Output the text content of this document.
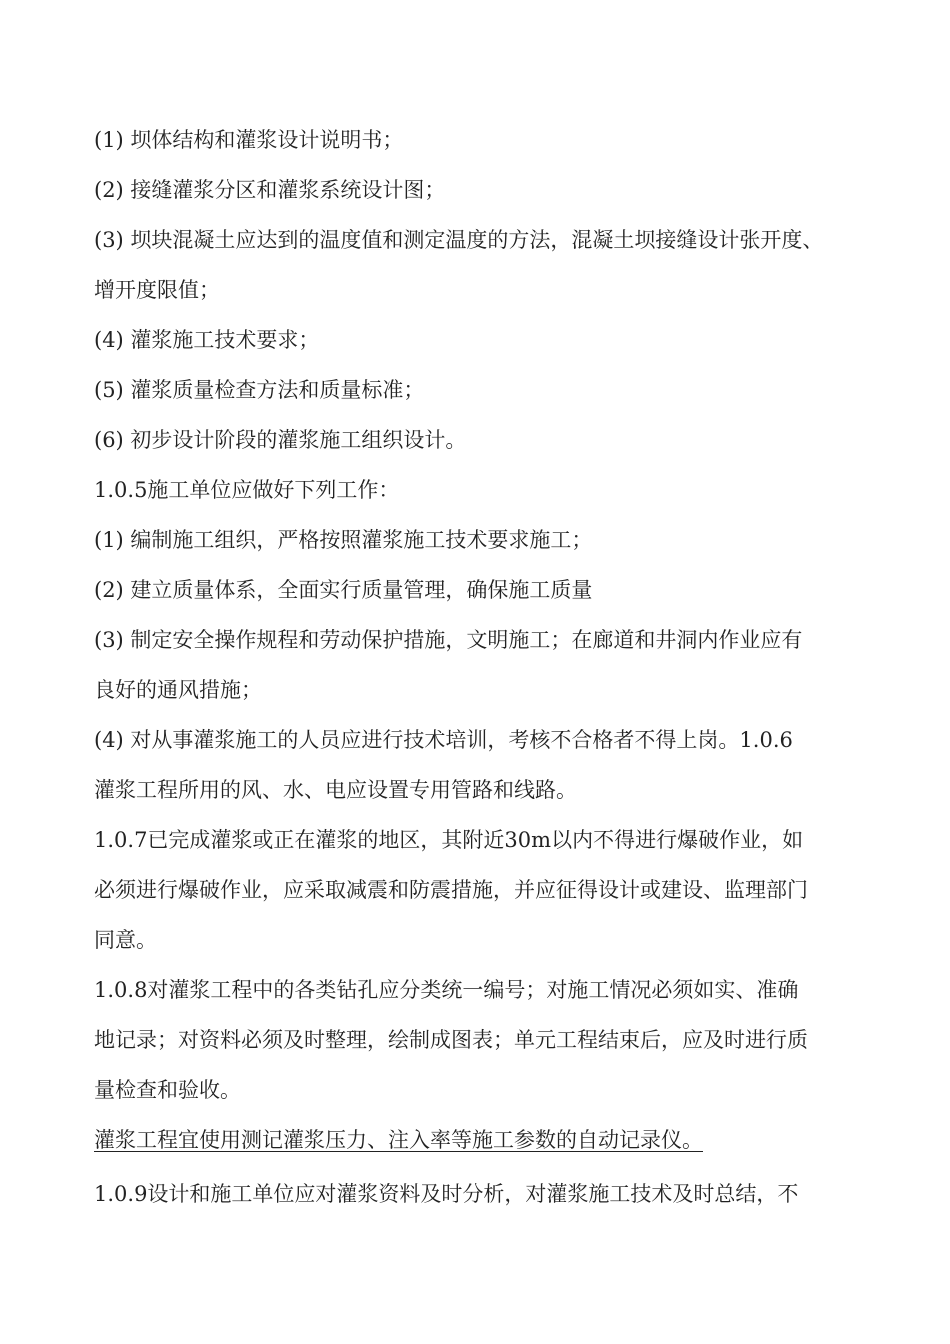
(1) 坝体结构和灌浆设计说明书；
(2) 接缝灌浆分区和灌浆系统设计图；
(3) 坝块混凝土应达到的温度值和测定温度的方法，混凝土坝接缝设计张开度、
增开度限值；
(4) 灌浆施工技术要求；
(5) 灌浆质量检查方法和质量标准；
(6) 初步设计阶段的灌浆施工组织设计。
1.0.5施工单位应做好下列工作：
(1) 编制施工组织，严格按照灌浆施工技术要求施工；
(2) 建立质量体系，全面实行质量管理，确保施工质量
(3) 制定安全操作规程和劳动保护措施，文明施工；在廊道和井洞内作业应有
良好的通风措施；
(4) 对从事灌浆施工的人员应进行技术培训，考核不合格者不得上岗。1.0.6
灌浆工程所用的风、水、电应设置专用管路和线路。
1.0.7已完成灌浆或正在灌浆的地区，其附近30m以内不得进行爆破作业，如
必须进行爆破作业，应采取减震和防震措施，并应征得设计或建设、监理部门
同意。
1.0.8对灌浆工程中的各类钻孔应分类统一编号；对施工情况必须如实、准确
地记录；对资料必须及时整理，绘制成图表；单元工程结束后，应及时进行质
量检查和验收。
灌浆工程宜使用测记灌浆压力、注入率等施工参数的自动记录仪。
1.0.9设计和施工单位应对灌浆资料及时分析，对灌浆施工技术及时总结，不
